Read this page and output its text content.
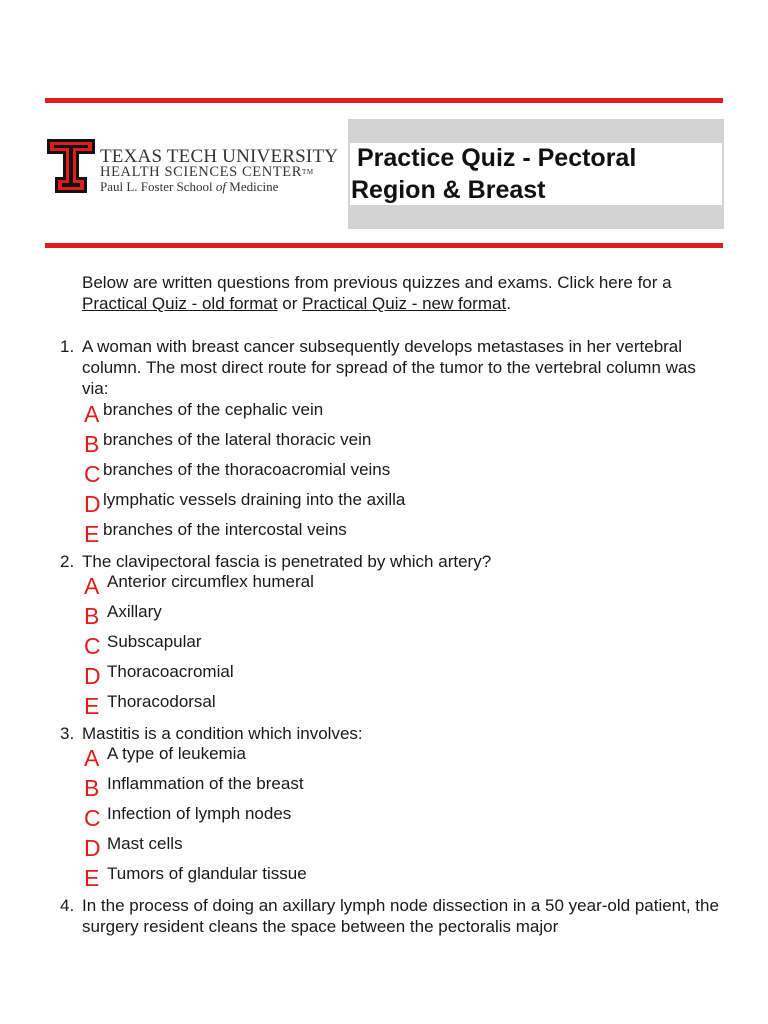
TEXAS TECH UNIVERSITY
HEALTH SCIENCES CENTER™
Paul L. Foster School of Medicine
Practice Quiz - Pectoral
Region & Breast
Below are written questions from previous quizzes and exams. Click here for a Practical Quiz - old format or Practical Quiz - new format.
1. A woman with breast cancer subsequently develops metastases in her vertebral column. The most direct route for spread of the tumor to the vertebral column was via:
A branches of the cephalic vein
B branches of the lateral thoracic vein
C branches of the thoracoacromial veins
D lymphatic vessels draining into the axilla
E branches of the intercostal veins
2. The clavipectoral fascia is penetrated by which artery?
A Anterior circumflex humeral
B Axillary
C Subscapular
D Thoracoacromial
E Thoracodorsal
3. Mastitis is a condition which involves:
A A type of leukemia
B Inflammation of the breast
C Infection of lymph nodes
D Mast cells
E Tumors of glandular tissue
4. In the process of doing an axillary lymph node dissection in a 50 year-old patient, the surgery resident cleans the space between the pectoralis major
